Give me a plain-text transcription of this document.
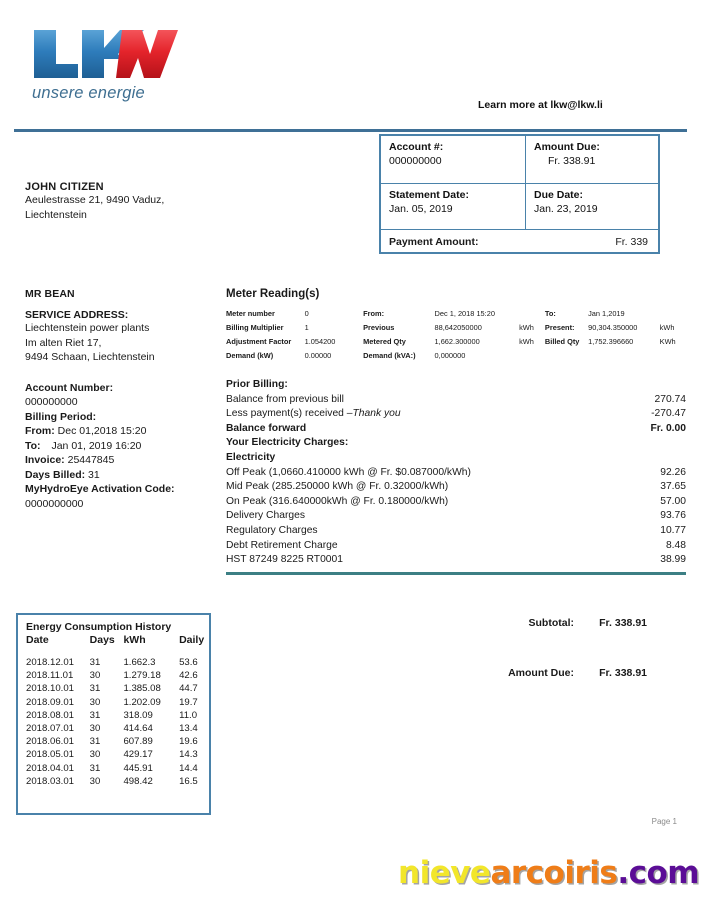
unsere energie
Learn more at lkw@lkw.li
Account #:
000000000
Amount Due:
Fr. 338.91
Statement Date:
Jan. 05, 2019
Due Date:
Jan. 23, 2019
Payment Amount:	Fr. 339
JOHN CITIZEN
Aeulestrasse 21, 9490 Vaduz,
Liechtenstein
MR BEAN
SERVICE ADDRESS:
Liechtenstein power plants
Im alten Riet 17,
9494 Schaan, Liechtenstein
Account Number:
000000000
Billing Period:
From: Dec 01,2018 15:20
To: Jan 01, 2019 16:20
Invoice: 25447845
Days Billed: 31
MyHydroEye Activation Code:
0000000000
Meter Reading(s)
Meter number	0	From:	Dec 1, 2018 15:20		To:	Jan 1,2019	
Billing Multiplier	1	Previous	88,642050000	kWh	Present:	90,304.350000	kWh
Adjustment Factor	1.054200	Metered Qty	1,662.300000	kWh	Billed Qty	1,752.396660	KWh
Demand (kW)	0.00000	Demand (kVA:)	0,000000				
Prior Billing:
Balance from previous bill	270.74
Less payment(s) received –Thank you	-270.47
Balance forward	Fr. 0.00
Your Electricity Charges:
Electricity
Off Peak (1,0660.410000 kWh @ Fr. $0.087000/kWh)	92.26
Mid Peak (285.250000 kWh @ Fr. 0.32000/kWh)	37.65
On Peak (316.640000kWh @ Fr. 0.180000/kWh)	57.00
Delivery Charges	93.76
Regulatory Charges	10.77
Debt Retirement Charge	8.48
HST 87249 8225 RT0001	38.99
Energy Consumption History
Date	Days	kWh	Daily
2018.12.01	31	1.662.3	53.6
2018.11.01	30	1.279.18	42.6
2018.10.01	31	1.385.08	44.7
2018.09.01	30	1.202.09	19.7
2018.08.01	31	318.09	11.0
2018.07.01	30	414.64	13.4
2018.06.01	31	607.89	19.6
2018.05.01	30	429.17	14.3
2018.04.01	31	445.91	14.4
2018.03.01	30	498.42	16.5
Subtotal:	Fr. 338.91
Amount Due:	Fr. 338.91
Page 1
nievearcoiris.com
